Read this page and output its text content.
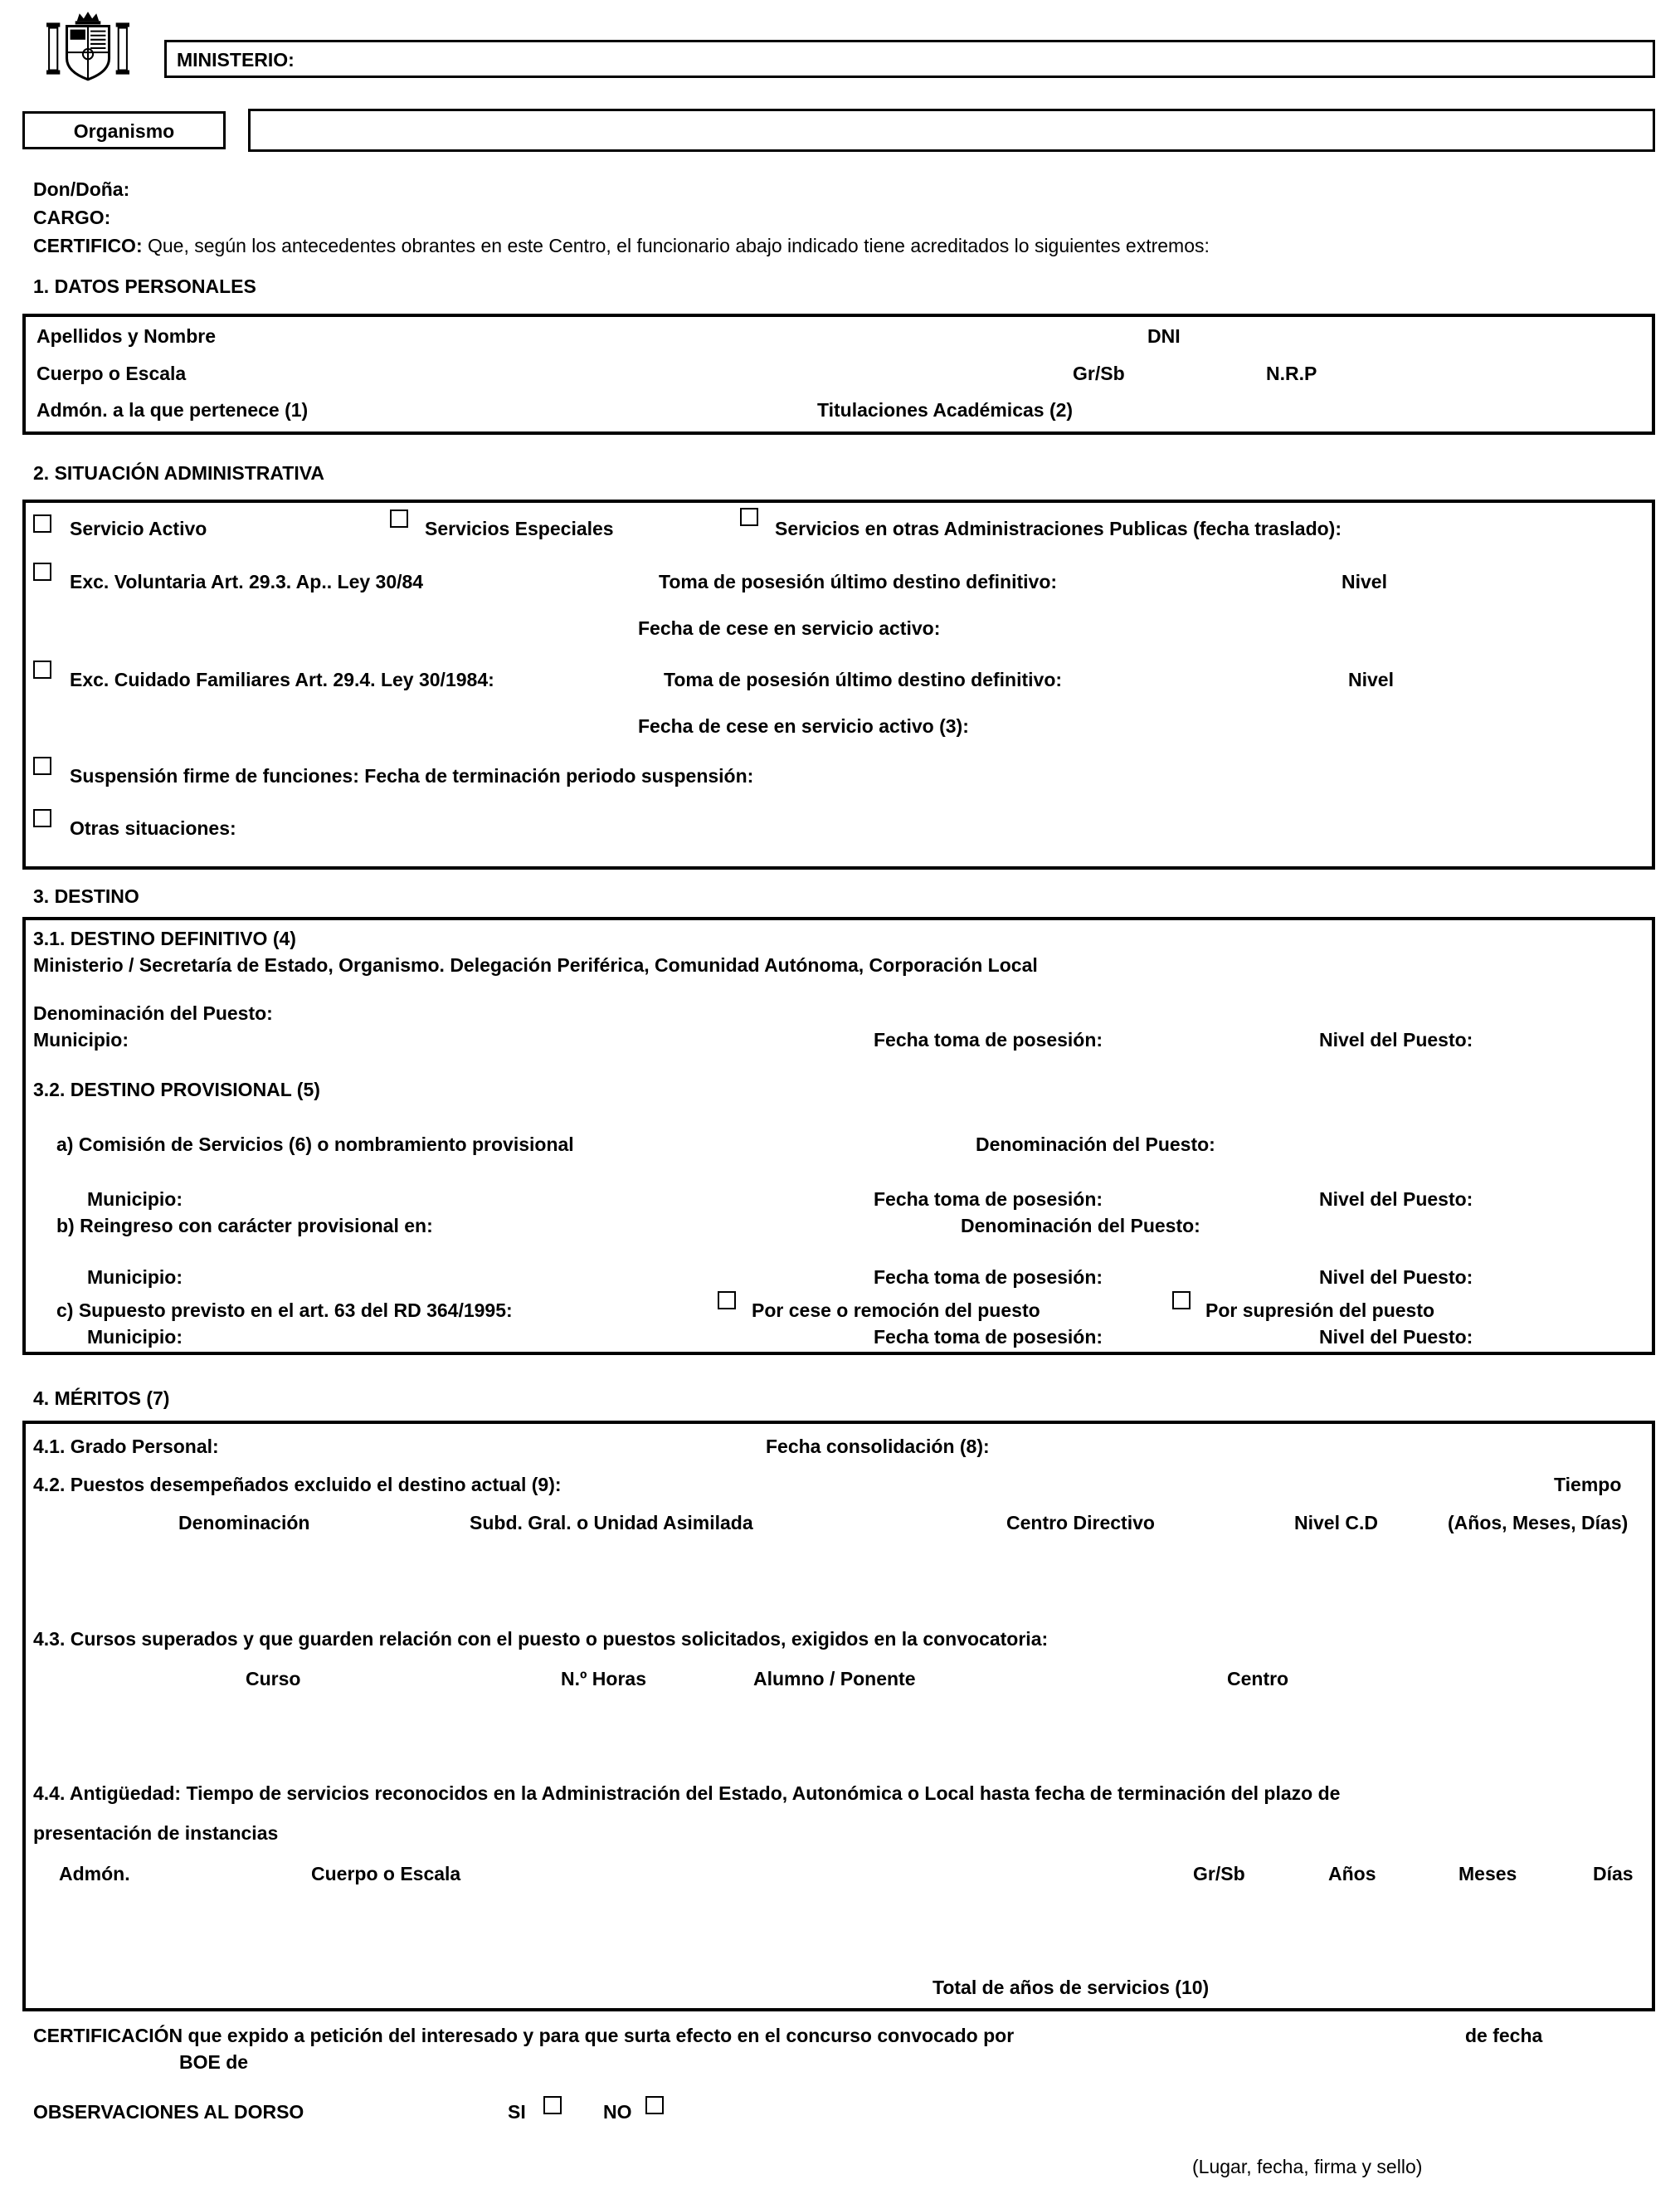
MINISTERIO:
Organismo
Don/Doña:
CARGO:
CERTIFICO: Que, según los antecedentes obrantes en este Centro, el funcionario abajo indicado tiene acreditados lo siguientes extremos:
1. DATOS PERSONALES
Apellidos y Nombre	DNI
Cuerpo o Escala	Gr/Sb	N.R.P
Admón. a la que pertenece (1)	Titulaciones Académicas (2)
2. SITUACIÓN ADMINISTRATIVA
Servicio Activo	Servicios Especiales	Servicios en otras Administraciones Publicas (fecha traslado):
Exc. Voluntaria Art. 29.3. Ap.. Ley 30/84	Toma de posesión último destino definitivo:	Nivel
Fecha de cese en servicio activo:
Exc. Cuidado Familiares Art. 29.4. Ley 30/1984:	Toma de posesión último destino definitivo:	Nivel
Fecha de cese en servicio activo (3):
Suspensión firme de funciones: Fecha de terminación periodo suspensión:
Otras situaciones:
3. DESTINO
3.1. DESTINO DEFINITIVO (4)
Ministerio / Secretaría de Estado, Organismo. Delegación Periférica, Comunidad Autónoma, Corporación Local
Denominación del Puesto:
Municipio:	Fecha toma de posesión:	Nivel del Puesto:
3.2. DESTINO PROVISIONAL (5)
a) Comisión de Servicios (6) o nombramiento provisional	Denominación del Puesto:
Municipio:	Fecha toma de posesión:	Nivel del Puesto:
b) Reingreso con carácter provisional en:	Denominación del Puesto:
Municipio:	Fecha toma de posesión:	Nivel del Puesto:
c) Supuesto previsto en el art. 63 del RD 364/1995:	Por cese o remoción del puesto	Por supresión del puesto
Municipio:	Fecha toma de posesión:	Nivel del Puesto:
4. MÉRITOS (7)
4.1. Grado Personal:	Fecha consolidación (8):
4.2. Puestos desempeñados excluido el destino actual (9):	Tiempo
Denominación	Subd. Gral. o Unidad Asimilada	Centro Directivo	Nivel C.D	(Años, Meses, Días)
4.3. Cursos superados y que guarden relación con el puesto o puestos solicitados, exigidos en la convocatoria:
Curso	N.º Horas	Alumno / Ponente	Centro
4.4. Antigüedad: Tiempo de servicios reconocidos en la Administración del Estado, Autonómica o Local hasta fecha de terminación del plazo de
presentación de instancias
Admón.	Cuerpo o Escala	Gr/Sb	Años	Meses	Días
Total de años de servicios (10)
CERTIFICACIÓN que expido a petición del interesado y para que surta efecto en el concurso convocado por	de fecha
BOE de
OBSERVACIONES AL DORSO	SI	NO
(Lugar, fecha, firma y sello)
